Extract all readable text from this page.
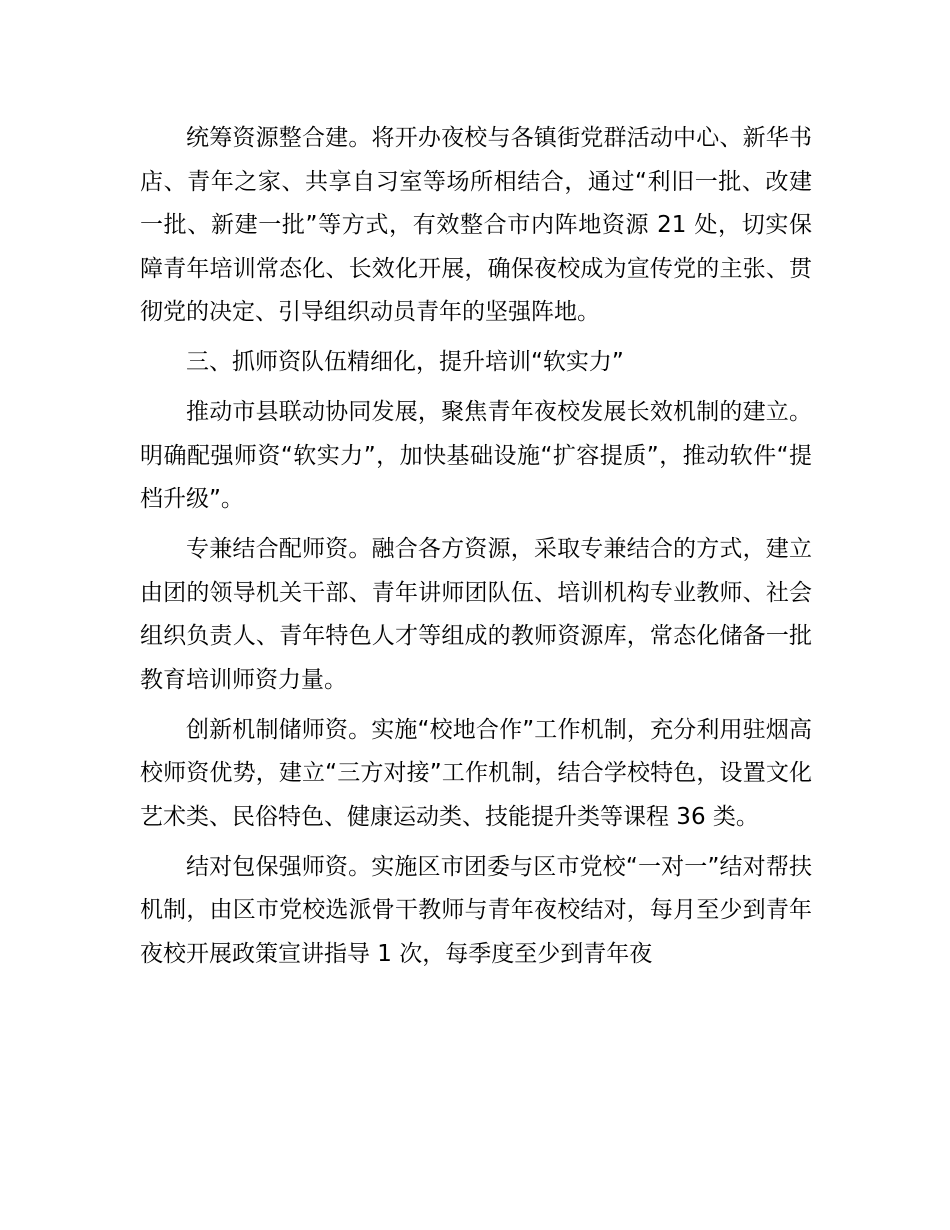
统筹资源整合建。将开办夜校与各镇街党群活动中心、新华书店、青年之家、共享自习室等场所相结合，通过“利旧一批、改建一批、新建一批”等方式，有效整合市内阵地资源 21 处，切实保障青年培训常态化、长效化开展，确保夜校成为宣传党的主张、贯彻党的决定、引导组织动员青年的坚强阵地。

三、抓师资队伍精细化，提升培训“软实力”

推动市县联动协同发展，聚焦青年夜校发展长效机制的建立。明确配强师资“软实力”，加快基础设施“扩容提质”，推动软件“提档升级”。

专兼结合配师资。融合各方资源，采取专兼结合的方式，建立由团的领导机关干部、青年讲师团队伍、培训机构专业教师、社会组织负责人、青年特色人才等组成的教师资源库，常态化储备一批教育培训师资力量。

创新机制储师资。实施“校地合作”工作机制，充分利用驻烟高校师资优势，建立“三方对接”工作机制，结合学校特色，设置文化艺术类、民俗特色、健康运动类、技能提升类等课程 36 类。

结对包保强师资。实施区市团委与区市党校“一对一”结对帮扶机制，由区市党校选派骨干教师与青年夜校结对，每月至少到青年夜校开展政策宣讲指导 1 次，每季度至少到青年夜
